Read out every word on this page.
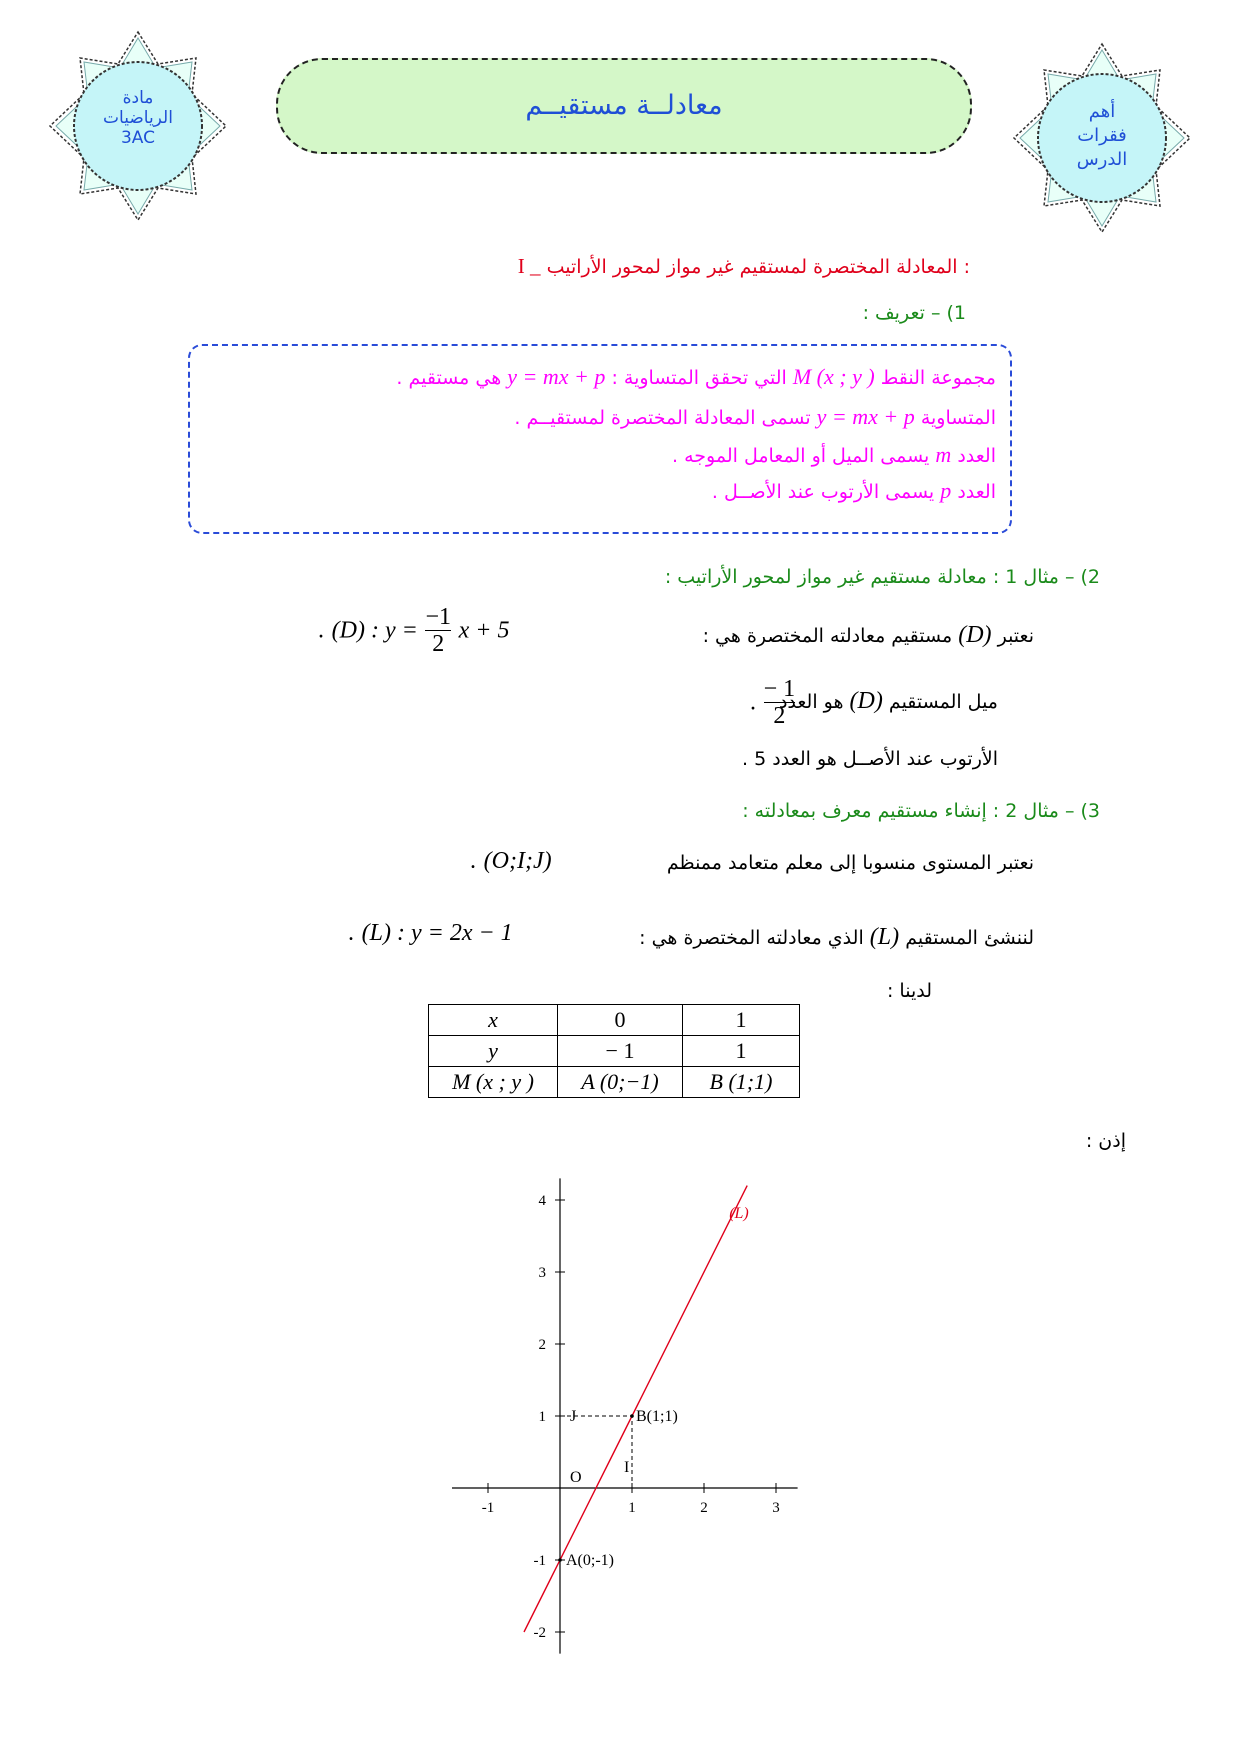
مادة
الرياضيات
3AC
معادلــة مستقيــم	أهم
فقرات
الدرس
I _ المعادلة المختصرة لمستقيم غير مواز لمحور الأراتيب :
1) – تعريف :
مجموعة النقط M (x ; y ) التي تحقق المتساوية : y = mx + p هي مستقيم .
المتساوية y = mx + p تسمى المعادلة المختصرة لمستقيــم .
العدد m يسمى الميل أو المعامل الموجه .
العدد p يسمى الأرتوب عند الأصــل .
2) – مثال 1 : معادلة مستقيم غير مواز لمحور الأراتيب :
نعتبر (D) مستقيم معادلته المختصرة هي :
. (D) : $y = \frac{-1}{2}$ x + 5
ميل المستقيم (D) هو العدد
. $\frac{- 1}{2}$
الأرتوب عند الأصــل هو العدد 5 .
3) – مثال 2 : إنشاء مستقيم معرف بمعادلته :
نعتبر المستوى منسوبا إلى معلم متعامد ممنظم
. (O;I;J)
لننشئ المستقيم (L) الذي معادلته المختصرة هي :
. (L) : y = 2x − 1
لدينا :
x	0	1
y	− 1	1
M (x ; y )	A (0;−1)	B (1;1)
إذن :
-1	1	2	3
-2
-1
1
2
3
4
(L)
O
A(0;-1)
B(1;1)
I
J
